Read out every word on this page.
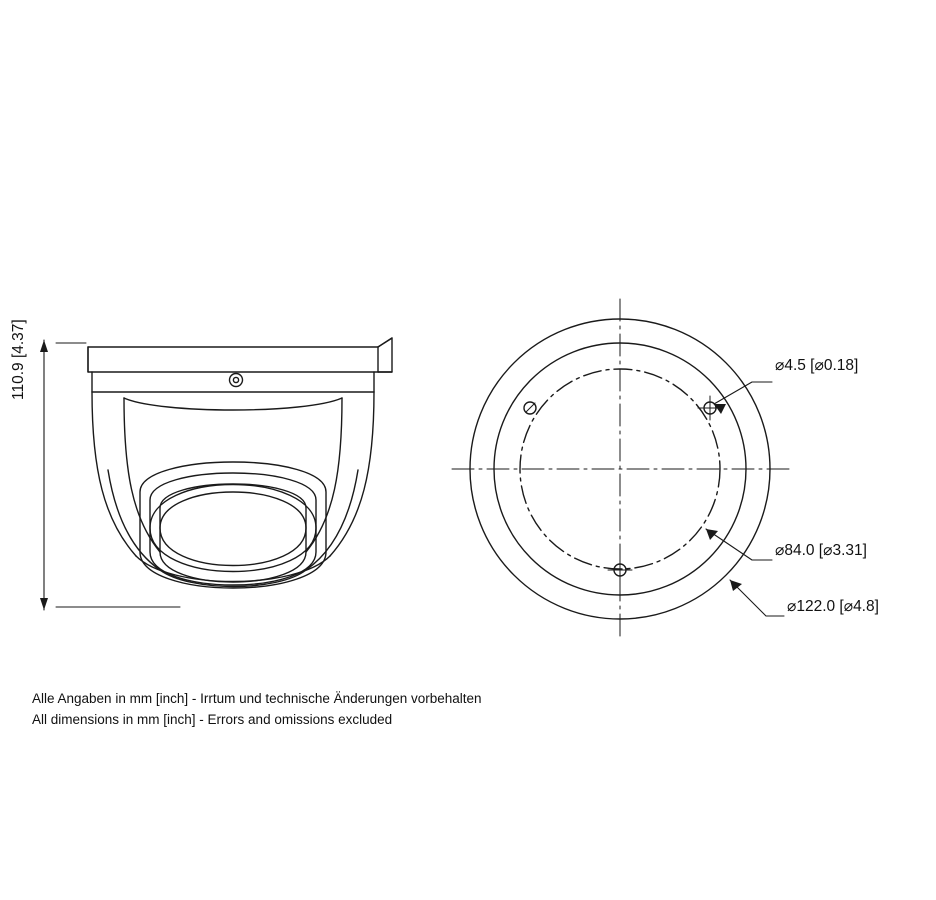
110.9 [4.37]	⌀4.5 [⌀0.18]
⌀84.0 [⌀3.31]
⌀122.0 [⌀4.8]
Alle Angaben in mm [inch] - Irrtum und technische Änderungen vorbehalten
All dimensions in mm [inch] - Errors and omissions excluded
